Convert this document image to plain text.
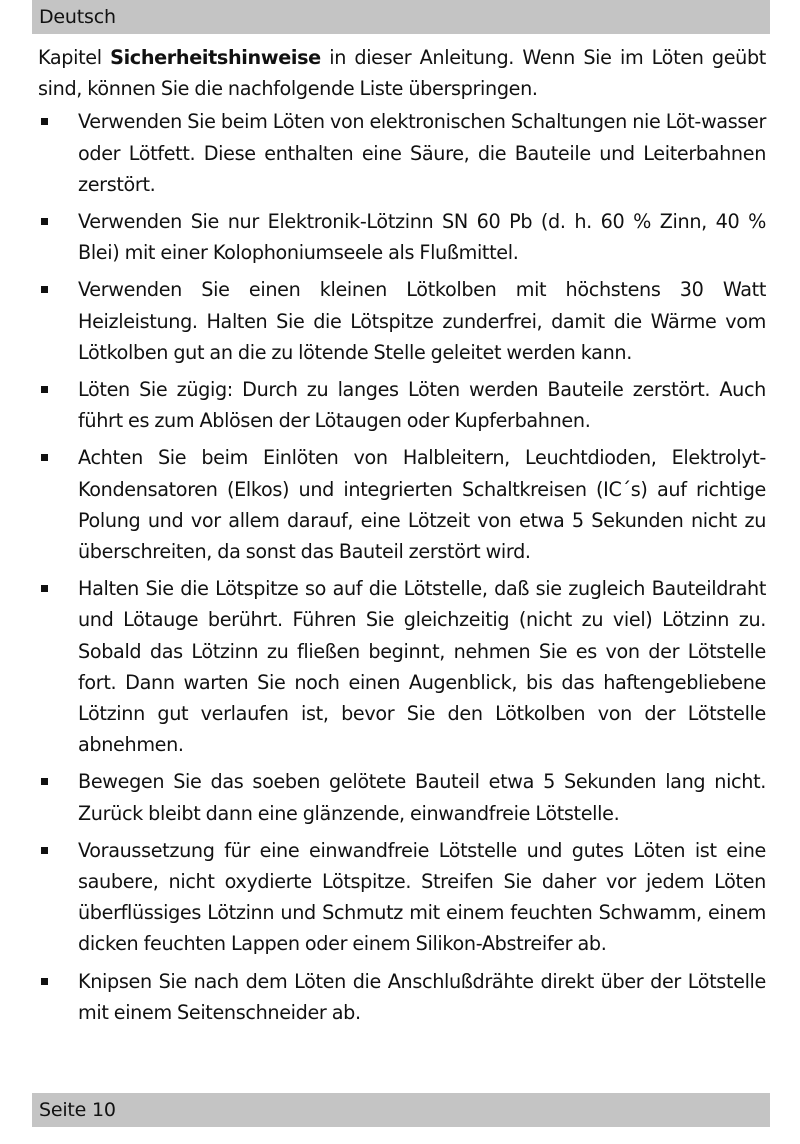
Deutsch

Kapitel Sicherheitshinweise in dieser Anleitung. Wenn Sie im Löten geübt sind, können Sie die nachfolgende Liste überspringen.

Verwenden Sie beim Löten von elektronischen Schaltungen nie Löt-wasser oder Lötfett. Diese enthalten eine Säure, die Bauteile und Leiterbahnen zerstört.
Verwenden Sie nur Elektronik-Lötzinn SN 60 Pb (d. h. 60 % Zinn, 40 % Blei) mit einer Kolophoniumseele als Flußmittel.
Verwenden Sie einen kleinen Lötkolben mit höchstens 30 Watt Heizleistung. Halten Sie die Lötspitze zunderfrei, damit die Wärme vom Lötkolben gut an die zu lötende Stelle geleitet werden kann.
Löten Sie zügig: Durch zu langes Löten werden Bauteile zerstört. Auch führt es zum Ablösen der Lötaugen oder Kupferbahnen.
Achten Sie beim Einlöten von Halbleitern, Leuchtdioden, Elektrolyt-Kondensatoren (Elkos) und integrierten Schaltkreisen (IC´s) auf richtige Polung und vor allem darauf, eine Lötzeit von etwa 5 Sekunden nicht zu überschreiten, da sonst das Bauteil zerstört wird.
Halten Sie die Lötspitze so auf die Lötstelle, daß sie zugleich Bauteildraht und Lötauge berührt. Führen Sie gleichzeitig (nicht zu viel) Lötzinn zu. Sobald das Lötzinn zu fließen beginnt, nehmen Sie es von der Lötstelle fort. Dann warten Sie noch einen Augenblick, bis das haftengebliebene Lötzinn gut verlaufen ist, bevor Sie den Lötkolben von der Lötstelle abnehmen.
Bewegen Sie das soeben gelötete Bauteil etwa 5 Sekunden lang nicht. Zurück bleibt dann eine glänzende, einwandfreie Lötstelle.
Voraussetzung für eine einwandfreie Lötstelle und gutes Löten ist eine saubere, nicht oxydierte Lötspitze. Streifen Sie daher vor jedem Löten überflüssiges Lötzinn und Schmutz mit einem feuchten Schwamm, einem dicken feuchten Lappen oder einem Silikon-Abstreifer ab.
Knipsen Sie nach dem Löten die Anschlußdrähte direkt über der Lötstelle mit einem Seitenschneider ab.
Seite 10
